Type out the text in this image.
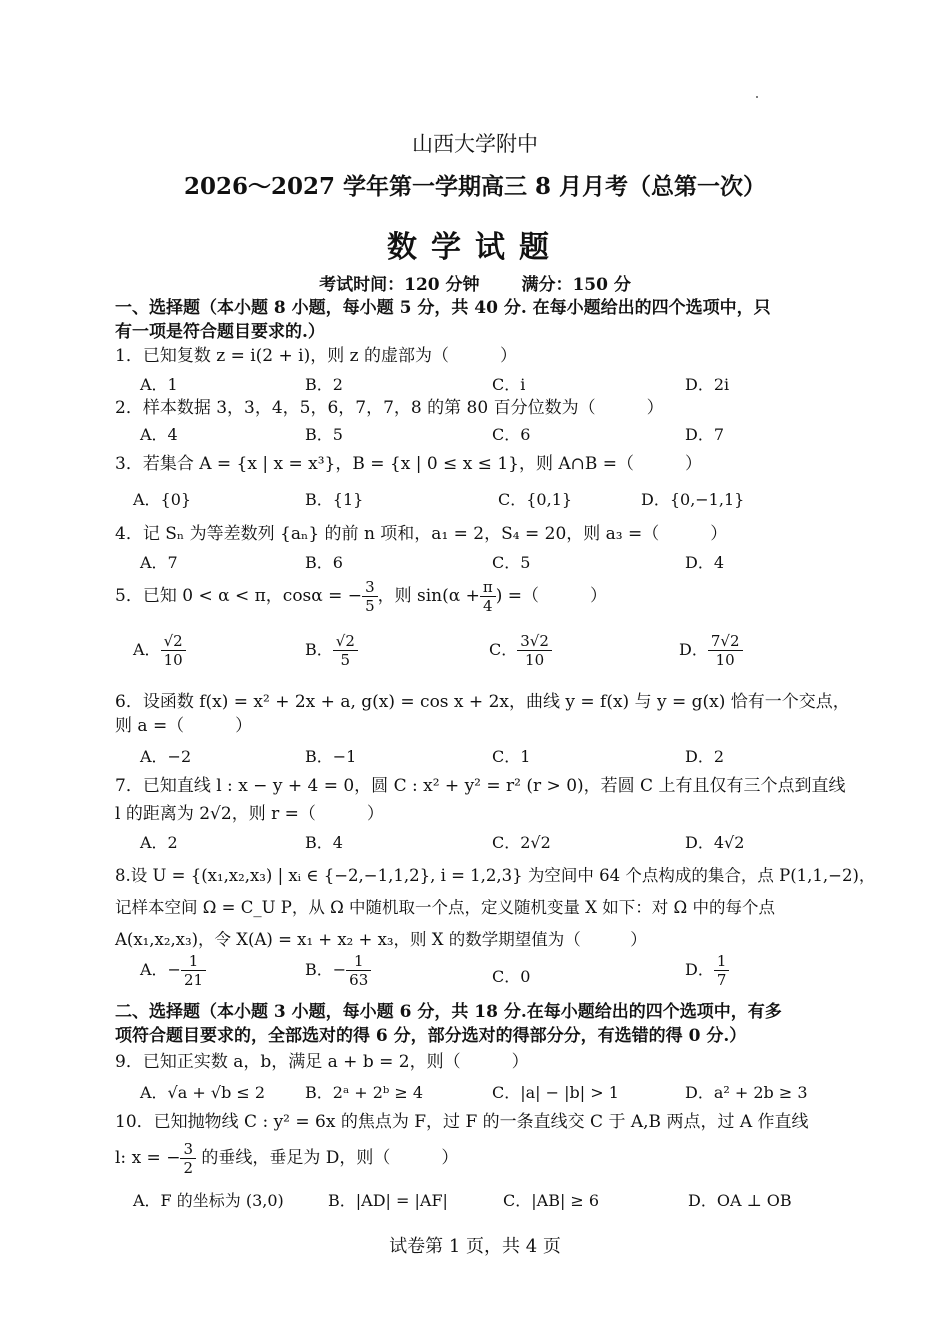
山西大学附中
2026～2027 学年第一学期高三 8 月月考（总第一次）
数学试题
考试时间：120 分钟 满分：150 分
一、选择题（本小题 8 小题，每小题 5 分，共 40 分. 在每小题给出的四个选项中，只
有一项是符合题目要求的.）
1．已知复数 z = i(2 + i)，则 z 的虚部为（　　　）
A．1	B．2	C．i	D．2i
2．样本数据 3，3，4，5，6，7，7，8 的第 80 百分位数为（　　　）
A．4	B．5	C．6	D．7
3．若集合 A = {x | x = x³}，B = {x | 0 ≤ x ≤ 1}，则 A∩B =（　　　）
A．{0}	B．{1}	C．{0,1}	D．{0,−1,1}
4．记 Sₙ 为等差数列 {aₙ} 的前 n 项和，a₁ = 2，S₄ = 20，则 a₃ =（　　　）
A．7	B．6	C．5	D．4
5．已知 0 < α < π，cosα = − $\frac{3}{5}$ ，则 $\sin(\alpha + \frac{\pi}{4}$ ) =（　　　）
A． $\frac{√2}{10}$	B． $\frac{√2}{5}$	C． $\frac{3√2}{10}$	D． $\frac{7√2}{10}$
6．设函数 f(x) = x² + 2x + a, g(x) = cos x + 2x，曲线 y = f(x) 与 y = g(x) 恰有一个交点，
则 a =（　　　）
A．−2	B．−1	C．1	D．2
7．已知直线 l : x − y + 4 = 0，圆 C : x² + y² = r² (r > 0)，若圆 C 上有且仅有三个点到直线
l 的距离为 2√2，则 r =（　　　）
A．2	B．4	C．2√2	D．4√2
8.设 U = {(x₁,x₂,x₃) | xᵢ ∈ {−2,−1,1,2}, i = 1,2,3} 为空间中 64 个点构成的集合，点 P(1,1,−2)，
记样本空间 Ω = C_U P，从 Ω 中随机取一个点，定义随机变量 X 如下：对 Ω 中的每个点
A(x₁,x₂,x₃)，令 X(A) = x₁ + x₂ + x₃，则 X 的数学期望值为（　　　）
A．− $\frac{1}{21}$	B．− $\frac{1}{63}$	C．0	D． $\frac{1}{7}$
二、选择题（本小题 3 小题，每小题 6 分，共 18 分.在每小题给出的四个选项中，有多
项符合题目要求的，全部选对的得 6 分，部分选对的得部分分，有选错的得 0 分.）
9．已知正实数 a，b，满足 a + b = 2，则（　　　）
A．√a + √b ≤ 2 B．2ᵃ + 2ᵇ ≥ 4	C．|a| − |b| > 1	D．a² + 2b ≥ 3
10．已知抛物线 C : y² = 6x 的焦点为 F，过 F 的一条直线交 C 于 A,B 两点，过 A 作直线
l: x = − $\frac{3}{2}$ 的垂线，垂足为 D，则（　　　）
A．F 的坐标为 (3,0)	B．|AD| = |AF|	C．|AB| ≥ 6	D．OA ⊥ OB
试卷第 1 页，共 4 页
